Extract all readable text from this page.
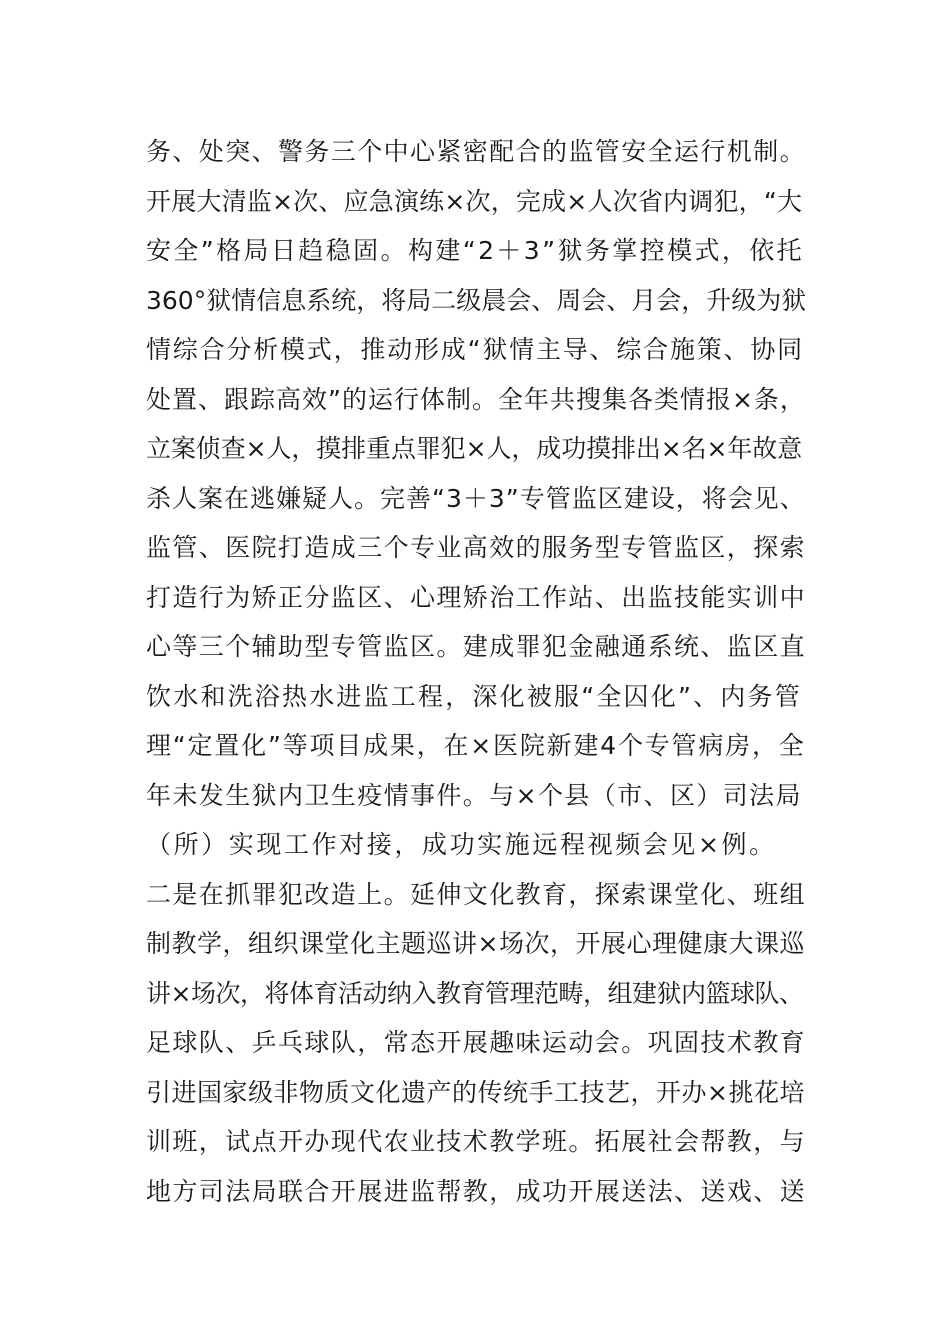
务、处突、警务三个中心紧密配合的监管安全运行机制。
开展大清监×次、应急演练×次，完成×人次省内调犯，“大
安全”格局日趋稳固。构建“2＋3”狱务掌控模式，依托
360°狱情信息系统，将局二级晨会、周会、月会，升级为狱
情综合分析模式，推动形成“狱情主导、综合施策、协同
处置、跟踪高效”的运行体制。全年共搜集各类情报×条，
立案侦查×人，摸排重点罪犯×人，成功摸排出×名×年故意
杀人案在逃嫌疑人。完善“3＋3”专管监区建设，将会见、
监管、医院打造成三个专业高效的服务型专管监区，探索
打造行为矫正分监区、心理矫治工作站、出监技能实训中
心等三个辅助型专管监区。建成罪犯金融通系统、监区直
饮水和洗浴热水进监工程，深化被服“全囚化”、内务管
理“定置化”等项目成果，在×医院新建4个专管病房，全
年未发生狱内卫生疫情事件。与×个县（市、区）司法局
（所）实现工作对接，成功实施远程视频会见×例。
二是在抓罪犯改造上。延伸文化教育，探索课堂化、班组
制教学，组织课堂化主题巡讲×场次，开展心理健康大课巡
讲×场次，将体育活动纳入教育管理范畴，组建狱内篮球队、
足球队、乒乓球队，常态开展趣味运动会。巩固技术教育
引进国家级非物质文化遗产的传统手工技艺，开办×挑花培
训班，试点开办现代农业技术教学班。拓展社会帮教，与
地方司法局联合开展进监帮教，成功开展送法、送戏、送
